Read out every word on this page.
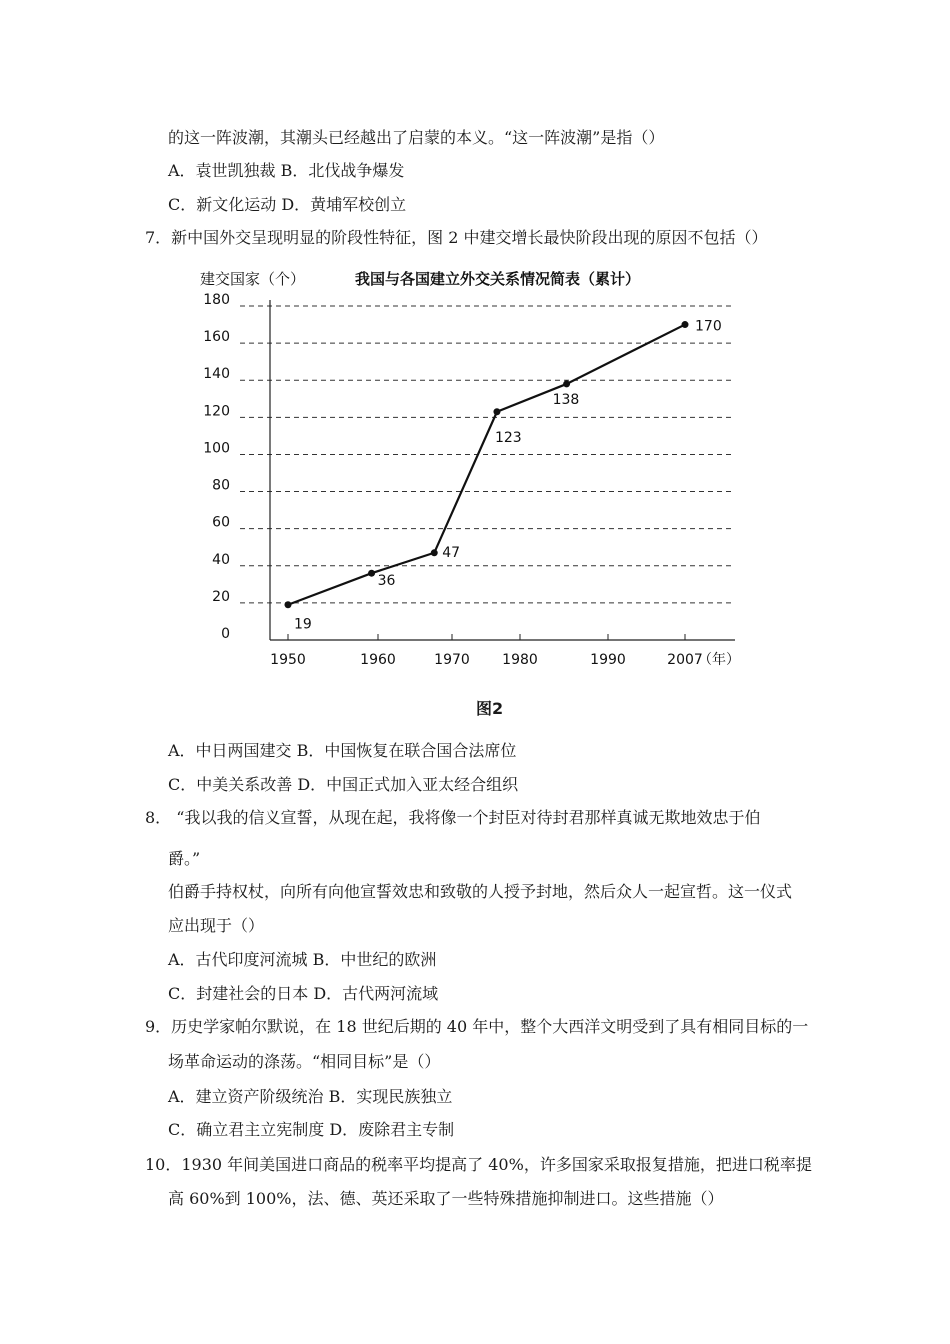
的这一阵波潮，其潮头已经越出了启蒙的本义。“这一阵波潮”是指（）
A．袁世凯独裁 B．北伐战争爆发
C．新文化运动 D．黄埔军校创立
7．新中国外交呈现明显的阶段性特征，图 2 中建交增长最快阶段出现的原因不包括（）
建交国家（个）	我国与各国建立外交关系情况简表（累计）
0
20
40
60
80
100
120
140
160
180
1950	1960	1970 1980	1990	2007
（年）
19
36
47
123
138
170
图2
A．中日两国建交 B．中国恢复在联合国合法席位
C．中美关系改善 D．中国正式加入亚太经合组织
8． “我以我的信义宣誓，从现在起，我将像一个封臣对待封君那样真诚无欺地效忠于伯
爵。”
伯爵手持权杖，向所有向他宣誓效忠和致敬的人授予封地，然后众人一起宣哲。这一仪式
应出现于（）
A．古代印度河流城 B．中世纪的欧洲
C．封建社会的日本 D．古代两河流域
9．历史学家帕尔默说，在 18 世纪后期的 40 年中，整个大西洋文明受到了具有相同目标的一
场革命运动的涤荡。“相同目标”是（）
A．建立资产阶级统治 B．实现民族独立
C．确立君主立宪制度 D．废除君主专制
10．1930 年间美国进口商品的税率平均提高了 40%，许多国家采取报复措施，把进口税率提
高 60%到 100%，法、德、英还采取了一些特殊措施抑制进口。这些措施（）
